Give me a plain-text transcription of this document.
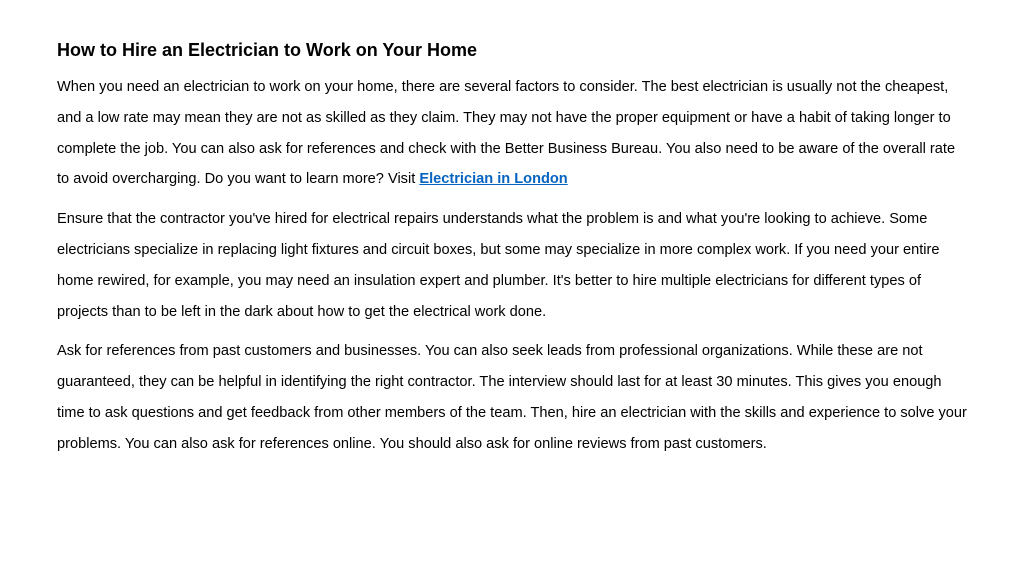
How to Hire an Electrician to Work on Your Home

When you need an electrician to work on your home, there are several factors to consider. The best electrician is usually not the cheapest, and a low rate may mean they are not as skilled as they claim. They may not have the proper equipment or have a habit of taking longer to complete the job. You can also ask for references and check with the Better Business Bureau. You also need to be aware of the overall rate to avoid overcharging. Do you want to learn more? Visit Electrician in London

Ensure that the contractor you've hired for electrical repairs understands what the problem is and what you're looking to achieve. Some electricians specialize in replacing light fixtures and circuit boxes, but some may specialize in more complex work. If you need your entire home rewired, for example, you may need an insulation expert and plumber. It's better to hire multiple electricians for different types of projects than to be left in the dark about how to get the electrical work done.

Ask for references from past customers and businesses. You can also seek leads from professional organizations. While these are not guaranteed, they can be helpful in identifying the right contractor. The interview should last for at least 30 minutes. This gives you enough time to ask questions and get feedback from other members of the team. Then, hire an electrician with the skills and experience to solve your problems. You can also ask for references online. You should also ask for online reviews from past customers.
